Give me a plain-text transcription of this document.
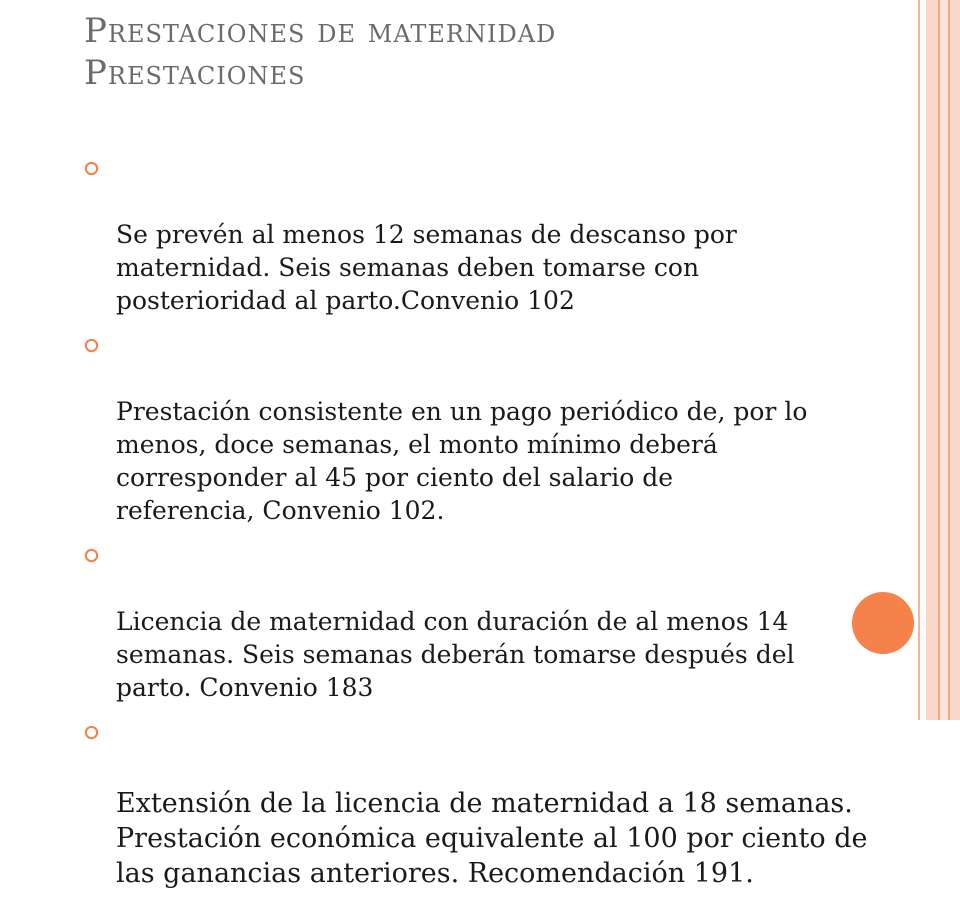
Prestaciones de maternidad
Prestaciones

Se prevén al menos 12 semanas de descanso por
maternidad. Seis semanas deben tomarse con
posterioridad al parto.Convenio 102

Prestación consistente en un pago periódico de, por lo
menos, doce semanas, el monto mínimo deberá
corresponder al 45 por ciento del salario de
referencia, Convenio 102.

Licencia de maternidad con duración de al menos 14
semanas. Seis semanas deberán tomarse después del
parto. Convenio 183

Extensión de la licencia de maternidad a 18 semanas.
Prestación económica equivalente al 100 por ciento de
las ganancias anteriores. Recomendación 191.
